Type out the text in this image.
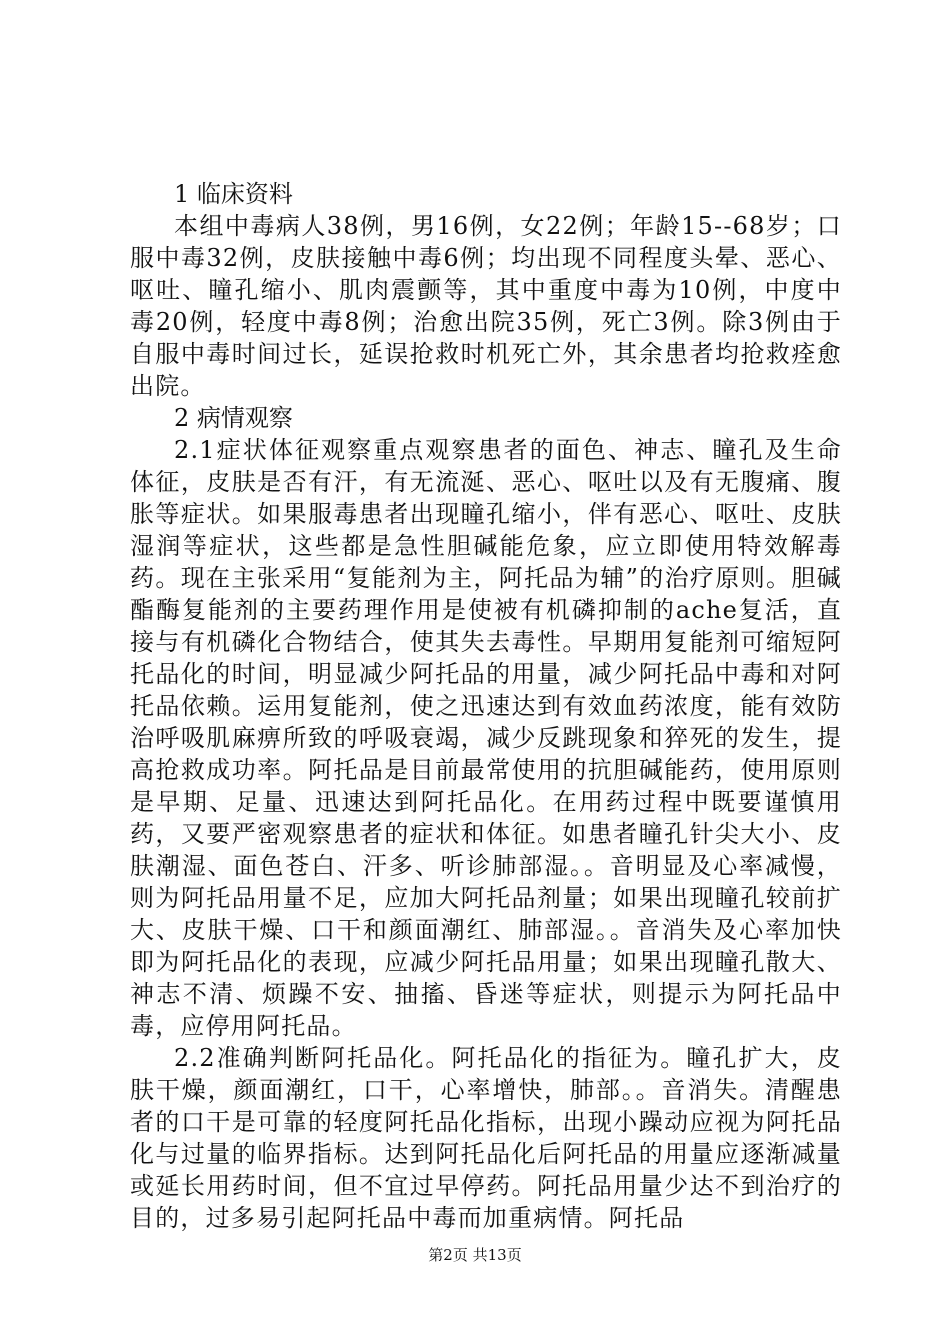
1 临床资料

本组中毒病人38例，男16例，女22例；年龄15--68岁；口服中毒32例，皮肤接触中毒6例；均出现不同程度头晕、恶心、呕吐、瞳孔缩小、肌肉震颤等，其中重度中毒为10例，中度中毒20例，轻度中毒8例；治愈出院35例，死亡3例。除3例由于自服中毒时间过长，延误抢救时机死亡外，其余患者均抢救痊愈出院。

2 病情观察

2.1症状体征观察重点观察患者的面色、神志、瞳孔及生命体征，皮肤是否有汗，有无流涎、恶心、呕吐以及有无腹痛、腹胀等症状。如果服毒患者出现瞳孔缩小，伴有恶心、呕吐、皮肤湿润等症状，这些都是急性胆碱能危象，应立即使用特效解毒药。现在主张采用“复能剂为主，阿托品为辅”的治疗原则。胆碱酯酶复能剂的主要药理作用是使被有机磷抑制的ache复活，直接与有机磷化合物结合，使其失去毒性。早期用复能剂可缩短阿托品化的时间，明显减少阿托品的用量，减少阿托品中毒和对阿托品依赖。运用复能剂，使之迅速达到有效血药浓度，能有效防治呼吸肌麻痹所致的呼吸衰竭，减少反跳现象和猝死的发生，提高抢救成功率。阿托品是目前最常使用的抗胆碱能药，使用原则是早期、足量、迅速达到阿托品化。在用药过程中既要谨慎用药，又要严密观察患者的症状和体征。如患者瞳孔针尖大小、皮肤潮湿、面色苍白、汗多、听诊肺部湿。。音明显及心率减慢，则为阿托品用量不足，应加大阿托品剂量；如果出现瞳孔较前扩大、皮肤干燥、口干和颜面潮红、肺部湿。。音消失及心率加快即为阿托品化的表现，应减少阿托品用量；如果出现瞳孔散大、神志不清、烦躁不安、抽搐、昏迷等症状，则提示为阿托品中毒，应停用阿托品。

2.2准确判断阿托品化。阿托品化的指征为。瞳孔扩大，皮肤干燥，颜面潮红，口干，心率增快，肺部。。音消失。清醒患者的口干是可靠的轻度阿托品化指标，出现小躁动应视为阿托品化与过量的临界指标。达到阿托品化后阿托品的用量应逐渐减量或延长用药时间，但不宜过早停药。阿托品用量少达不到治疗的目的，过多易引起阿托品中毒而加重病情。阿托品

第2页 共13页
